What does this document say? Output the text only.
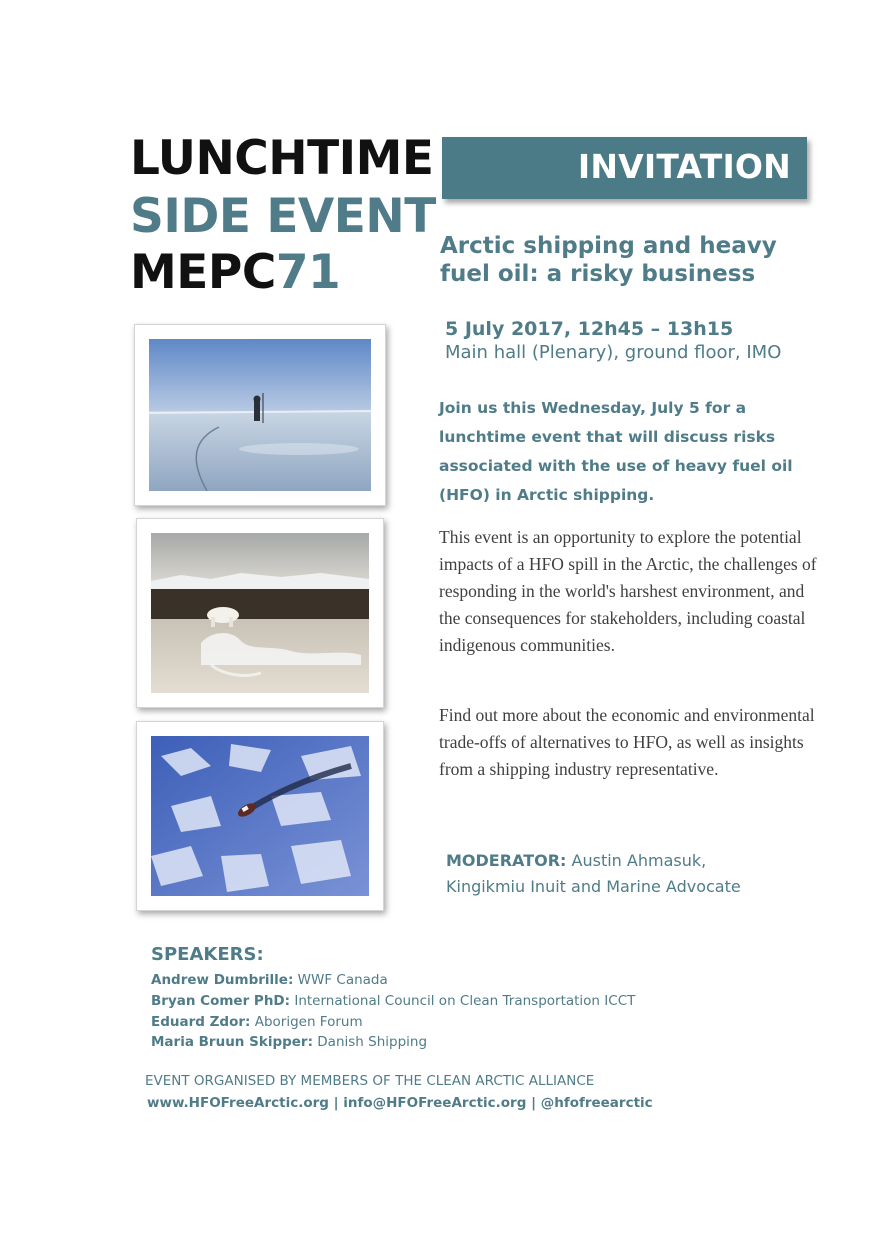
LUNCHTIME
SIDE EVENT
MEPC71
INVITATION
Arctic shipping and heavy fuel oil: a risky business
5 July 2017, 12h45 – 13h15
Main hall (Plenary), ground floor, IMO
Join us this Wednesday, July 5 for a lunchtime event that will discuss risks associated with the use of heavy fuel oil (HFO) in Arctic shipping.
This event is an opportunity to explore the potential impacts of a HFO spill in the Arctic, the challenges of responding in the world's harshest environment, and the consequences for stakeholders, including coastal indigenous communities.
Find out more about the economic and environmental trade-offs of alternatives to HFO, as well as insights from a shipping industry representative.
MODERATOR: Austin Ahmasuk,
Kingikmiu Inuit and Marine Advocate
SPEAKERS:
Andrew Dumbrille: WWF Canada
Bryan Comer PhD: International Council on Clean Transportation ICCT
Eduard Zdor: Aborigen Forum
Maria Bruun Skipper: Danish Shipping
EVENT ORGANISED BY MEMBERS OF THE CLEAN ARCTIC ALLIANCE
www.HFOFreeArctic.org | info@HFOFreeArctic.org | @hfofreearctic
